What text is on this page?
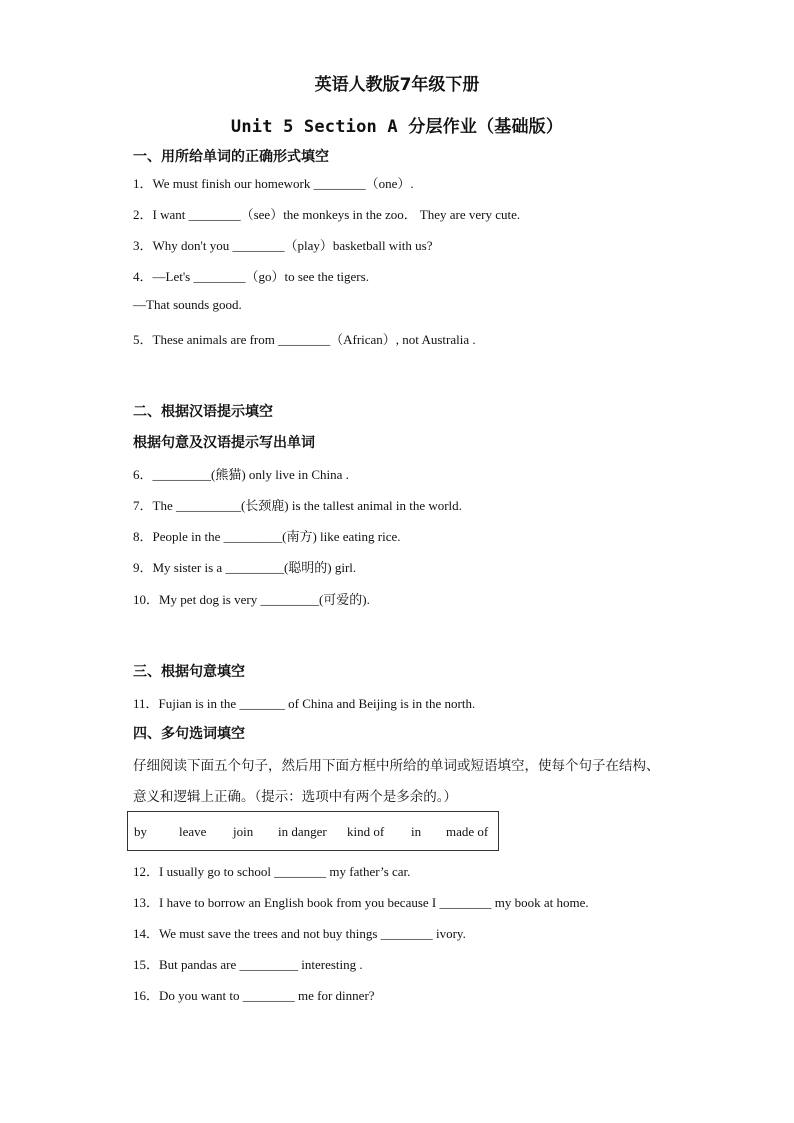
英语人教版7年级下册
Unit 5 Section A 分层作业（基础版）
一、用所给单词的正确形式填空
1．We must finish our homework ________（one）.
2．I want ________（see）the monkeys in the zoo． They are very cute.
3．Why don't you ________（play）basketball with us?
4．—Let's ________（go）to see the tigers.
—That sounds good.
5．These animals are from ________（African）, not Australia .
二、根据汉语提示填空
根据句意及汉语提示写出单词
6．_________(熊猫) only live in China .
7．The __________(长颈鹿) is the tallest animal in the world.
8．People in the _________(南方) like eating rice.
9．My sister is a _________(聪明的) girl.
10．My pet dog is very _________(可爱的).
三、根据句意填空
11．Fujian is in the _______ of China and Beijing is in the north.
四、多句选词填空
仔细阅读下面五个句子，然后用下面方框中所给的单词或短语填空，使每个句子在结构、
意义和逻辑上正确。（提示：选项中有两个是多余的。）
by leave join in danger kind of in made of
12．I usually go to school ________ my father’s car.
13．I have to borrow an English book from you because I ________ my book at home.
14．We must save the trees and not buy things ________ ivory.
15．But pandas are _________ interesting .
16．Do you want to ________ me for dinner?
